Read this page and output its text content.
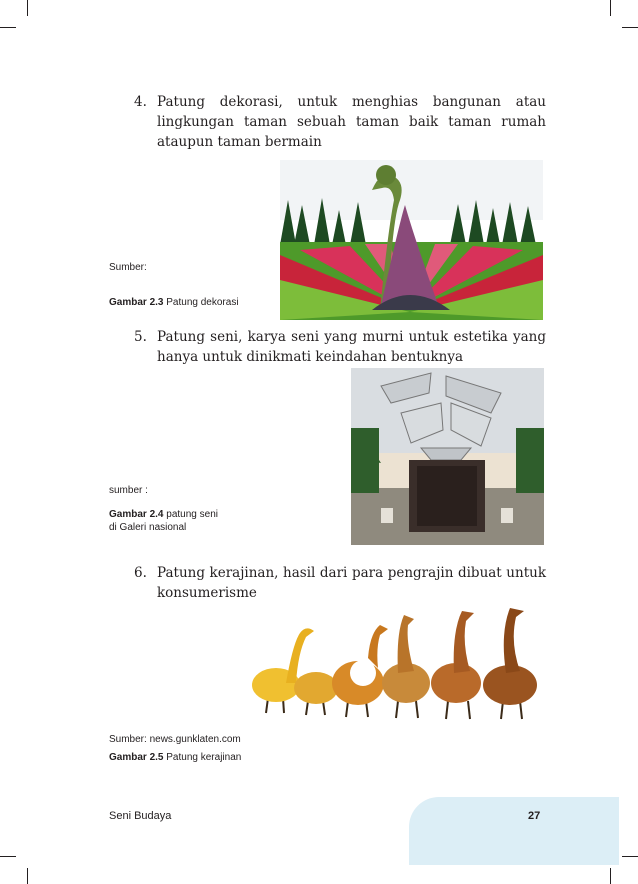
4. Patung dekorasi, untuk menghias bangunan atau lingkungan taman sebuah taman baik taman rumah ataupun taman bermain
Sumber:
Gambar 2.3 Patung dekorasi
5. Patung seni, karya seni yang murni untuk estetika yang hanya untuk dinikmati keindahan bentuknya
sumber :
Gambar 2.4 patung seni
di Galeri nasional
6. Patung kerajinan, hasil dari para pengrajin dibuat untuk konsumerisme
Sumber: news.gunklaten.com
Gambar 2.5 Patung kerajinan
Seni Budaya	27
